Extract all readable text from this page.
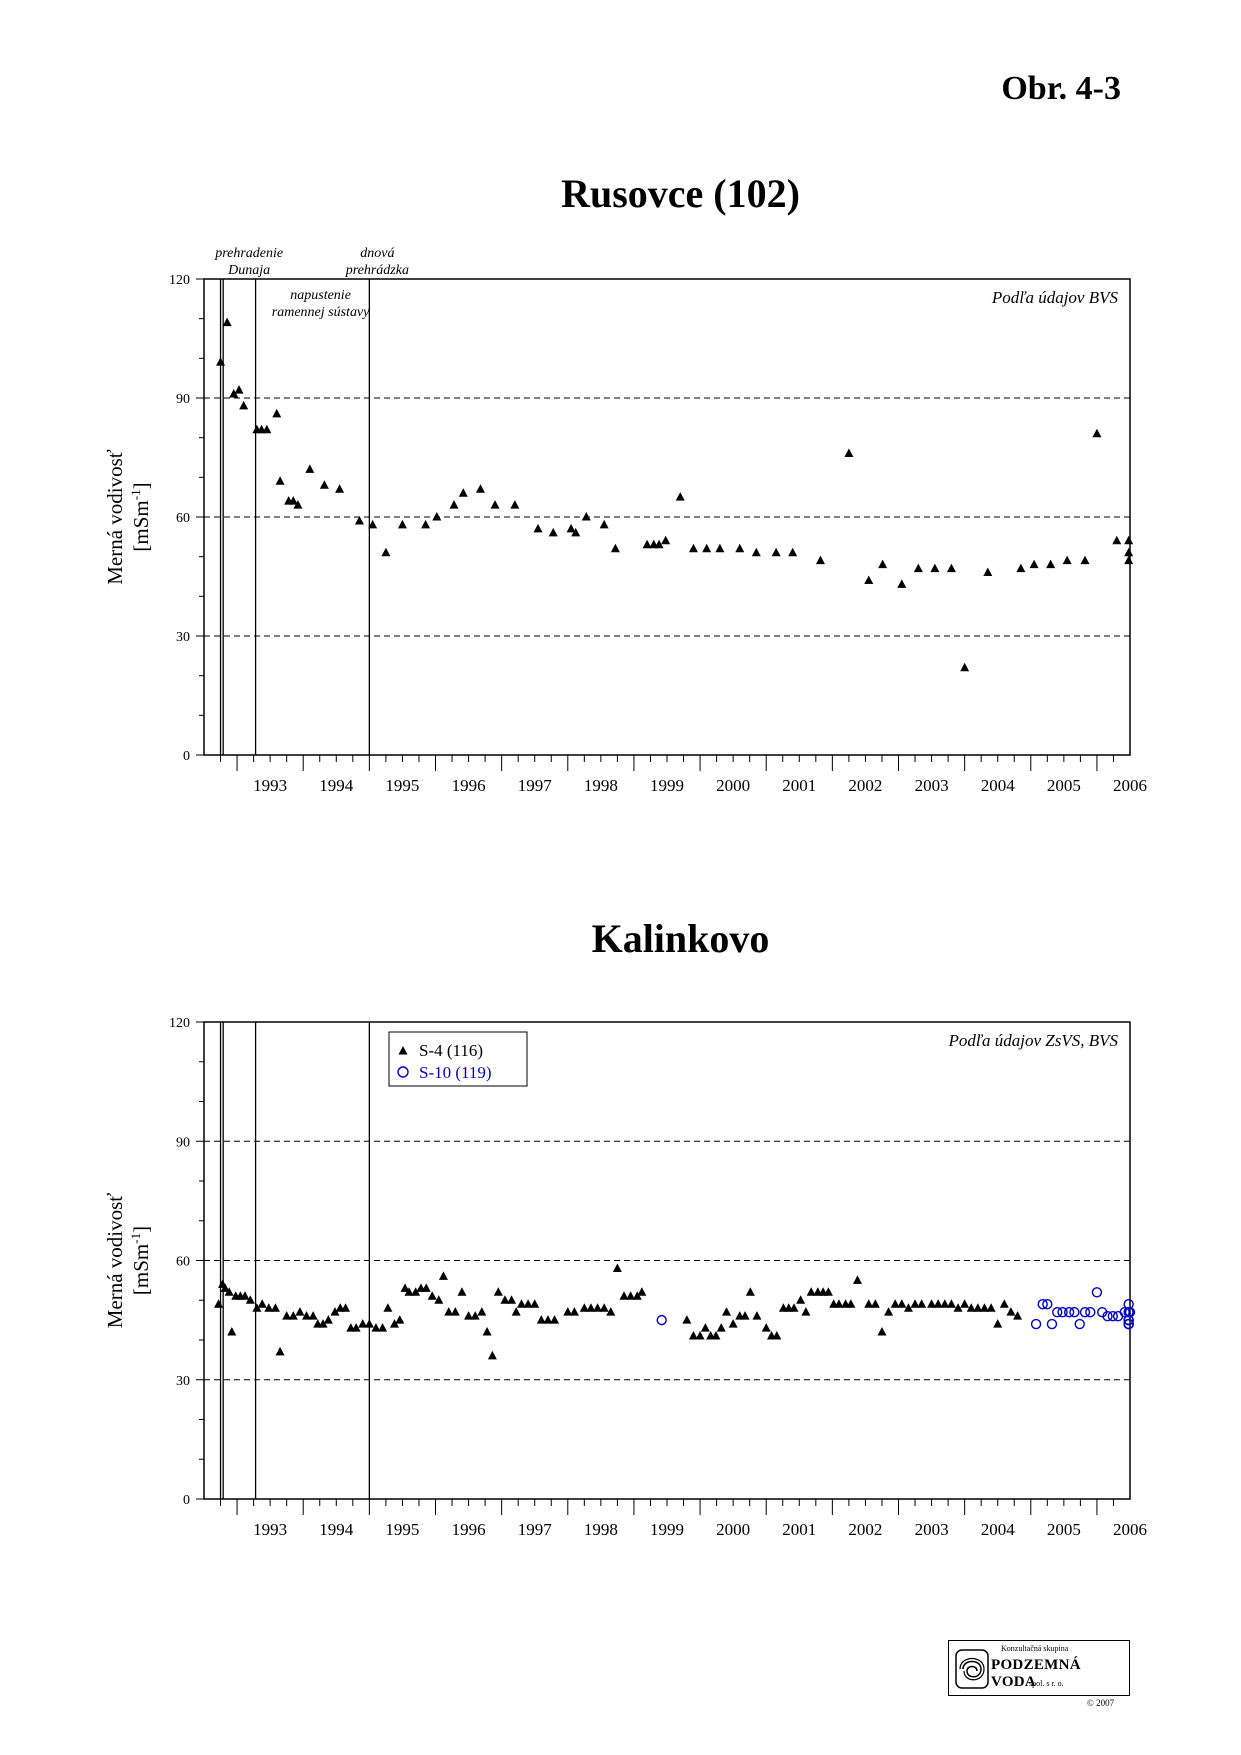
Obr. 4-3
Rusovce (102)
Kalinkovo
0
30
60
90
120
1993 1994 1995 1996 1997 1998 1999 2000 2001 2002 2003 2004 2005 2006
Merná vodivosť [mSm$^{-1}$]
prehradenie
Dunaja
napustenie
ramennej sústavy
dnová
prehrádzka
Podľa údajov BVS
0
30
60
90
120
1993 1994 1995 1996 1997 1998 1999 2000 2001 2002 2003 2004 2005 2006
Merná vodivosť [mSm$^{-1}$]
Podľa údajov ZsVS, BVS
S-4 (116)
S-10 (119)
Konzultačná skupina
PODZEMNÁ VODA
spol. s r. o.
© 2007
